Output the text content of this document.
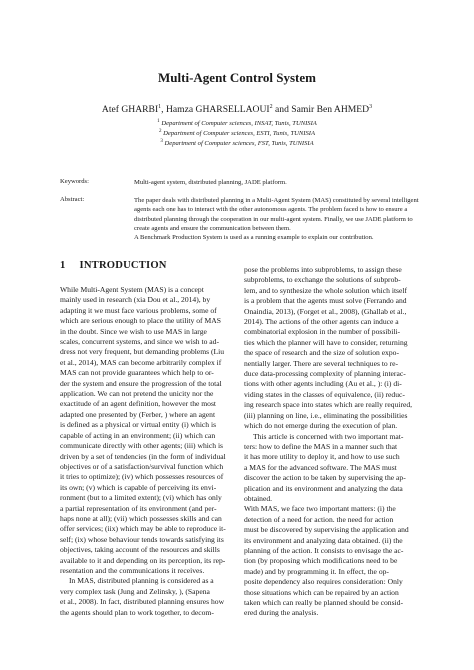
Multi-Agent Control System
Atef GHARBI$^1$, Hamza GHARSELLAOUI$^2$ and Samir Ben AHMED$^3$
$^1$ Department of Computer sciences, INSAT, Tunis, TUNISIA
$^2$ Department of Computer sciences, ESTI, Tunis, TUNISIA
$^3$ Department of Computer sciences, FST, Tunis, TUNISIA
Keywords:	Multi-agent system, distributed planning, JADE platform.
Abstract:	The paper deals with distributed planning in a Multi-Agent System (MAS) constituted by several intelligent
agents each one has to interact with the other autonomous agents. The problem faced is how to ensure a
distributed planning through the cooperation in our multi-agent system. Finally, we use JADE platform to
create agents and ensure the communication between them.
A Benchmark Production System is used as a running example to explain our contribution.
1 INTRODUCTION
While Multi-Agent System (MAS) is a concept
mainly used in research (xia Dou et al., 2014), by
adapting it we must face various problems, some of
which are serious enough to place the utility of MAS
in the doubt. Since we wish to use MAS in large
scales, concurrent systems, and since we wish to ad-
dress not very frequent, but demanding problems (Liu
et al., 2014), MAS can become arbitrarily complex if
MAS can not provide guarantees which help to or-
der the system and ensure the progression of the total
application. We can not pretend the unicity nor the
exactitude of an agent definition, however the most
adapted one presented by (Ferber, ) where an agent
is defined as a physical or virtual entity (i) which is
capable of acting in an environment; (ii) which can
communicate directly with other agents; (iii) which is
driven by a set of tendencies (in the form of individual
objectives or of a satisfaction/survival function which
it tries to optimize); (iv) which possesses resources of
its own; (v) which is capable of perceiving its envi-
ronment (but to a limited extent); (vi) which has only
a partial representation of its environment (and per-
haps none at all); (vii) which possesses skills and can
offer services; (iix) which may be able to reproduce it-
self; (ix) whose behaviour tends towards satisfying its
objectives, taking account of the resources and skills
available to it and depending on its perception, its rep-
resentation and the communications it receives.
In MAS, distributed planning is considered as a
very complex task (Jung and Zelinsky, ), (Sapena
et al., 2008). In fact, distributed planning ensures how
the agents should plan to work together, to decom-
pose the problems into subproblems, to assign these
subproblems, to exchange the solutions of subprob-
lem, and to synthesize the whole solution which itself
is a problem that the agents must solve (Ferrando and
Onaindia, 2013), (Forget et al., 2008), (Ghallab et al.,
2014). The actions of the other agents can induce a
combinatorial explosion in the number of possibili-
ties which the planner will have to consider, returning
the space of research and the size of solution expo-
nentially larger. There are several techniques to re-
duce data-processing complexity of planning interac-
tions with other agents including (Au et al., ): (i) di-
viding states in the classes of equivalence, (ii) reduc-
ing research space into states which are really required,
(iii) planning on line, i.e., eliminating the possibilities
which do not emerge during the execution of plan.
This article is concerned with two important mat-
ters: how to define the MAS in a manner such that
it has more utility to deploy it, and how to use such
a MAS for the advanced software. The MAS must
discover the action to be taken by supervising the ap-
plication and its environment and analyzing the data
obtained.
With MAS, we face two important matters: (i) the
detection of a need for action. the need for action
must be discovered by supervising the application and
its environment and analyzing data obtained. (ii) the
planning of the action. It consists to envisage the ac-
tion (by proposing which modifications need to be
made) and by programming it. In effect, the op-
posite dependency also requires consideration: Only
those situations which can be repaired by an action
taken which can really be planned should be consid-
ered during the analysis.
